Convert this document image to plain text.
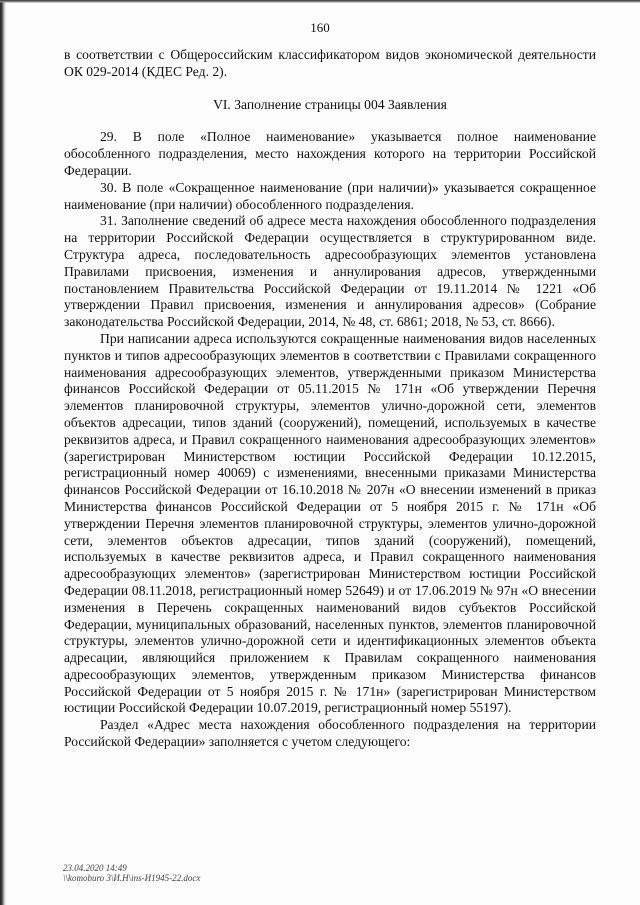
160

в соответствии с Общероссийским классификатором видов экономической деятельности ОК 029-2014 (КДЕС Ред. 2).

VI. Заполнение страницы 004 Заявления

29. В поле «Полное наименование» указывается полное наименование обособленного подразделения, место нахождения которого на территории Российской Федерации.

30. В поле «Сокращенное наименование (при наличии)» указывается сокращенное наименование (при наличии) обособленного подразделения.

31. Заполнение сведений об адресе места нахождения обособленного подразделения на территории Российской Федерации осуществляется в структурированном виде. Структура адреса, последовательность адресообразующих элементов установлена Правилами присвоения, изменения и аннулирования адресов, утвержденными постановлением Правительства Российской Федерации от 19.11.2014 № 1221 «Об утверждении Правил присвоения, изменения и аннулирования адресов» (Собрание законодательства Российской Федерации, 2014, № 48, ст. 6861; 2018, № 53, ст. 8666).

При написании адреса используются сокращенные наименования видов населенных пунктов и типов адресообразующих элементов в соответствии с Правилами сокращенного наименования адресообразующих элементов, утвержденными приказом Министерства финансов Российской Федерации от 05.11.2015 № 171н «Об утверждении Перечня элементов планировочной структуры, элементов улично-дорожной сети, элементов объектов адресации, типов зданий (сооружений), помещений, используемых в качестве реквизитов адреса, и Правил сокращенного наименования адресообразующих элементов» (зарегистрирован Министерством юстиции Российской Федерации 10.12.2015, регистрационный номер 40069) с изменениями, внесенными приказами Министерства финансов Российской Федерации от 16.10.2018 № 207н «О внесении изменений в приказ Министерства финансов Российской Федерации от 5 ноября 2015 г. № 171н «Об утверждении Перечня элементов планировочной структуры, элементов улично-дорожной сети, элементов объектов адресации, типов зданий (сооружений), помещений, используемых в качестве реквизитов адреса, и Правил сокращенного наименования адресообразующих элементов» (зарегистрирован Министерством юстиции Российской Федерации 08.11.2018, регистрационный номер 52649) и от 17.06.2019 № 97н «О внесении изменения в Перечень сокращенных наименований видов субъектов Российской Федерации, муниципальных образований, населенных пунктов, элементов планировочной структуры, элементов улично-дорожной сети и идентификационных элементов объекта адресации, являющийся приложением к Правилам сокращенного наименования адресообразующих элементов, утвержденным приказом Министерства финансов Российской Федерации от 5 ноября 2015 г. № 171н» (зарегистрирован Министерством юстиции Российской Федерации 10.07.2019, регистрационный номер 55197).

Раздел «Адрес места нахождения обособленного подразделения на территории Российской Федерации» заполняется с учетом следующего:

23.04.2020 14:49
\\komoburo 3\И.Н\ins-И1945-22.docx
